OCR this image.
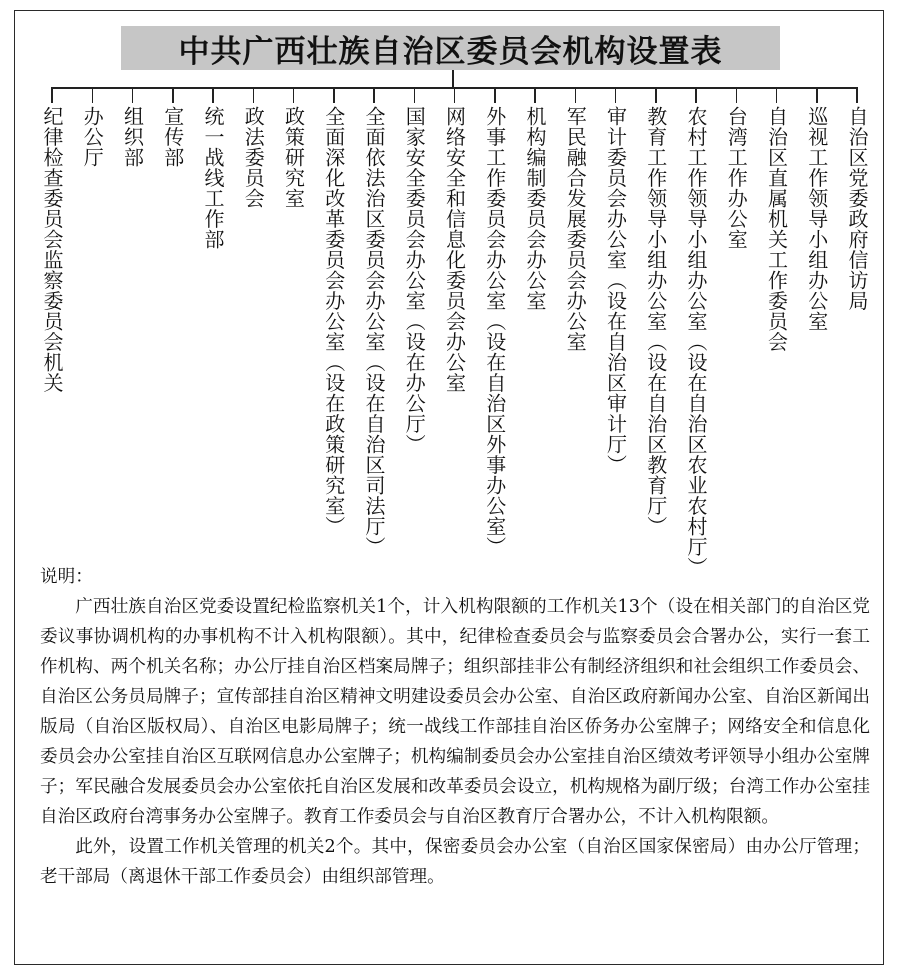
中共广西壮族自治区委员会机构设置表
纪律检查委员会监察委员会机关 办公厅 组织部 宣传部 统一战线工作部 政法委员会 政策研究室 全面深化改革委员会办公室（设在政策研究室） 全面依法治区委员会办公室（设在自治区司法厅） 国家安全委员会办公室（设在办公厅） 网络安全和信息化委员会办公室 外事工作委员会办公室（设在自治区外事办公室） 机构编制委员会办公室 军民融合发展委员会办公室 审计委员会办公室（设在自治区审计厅） 教育工作领导小组办公室（设在自治区教育厅） 农村工作领导小组办公室（设在自治区农业农村厅） 台湾工作办公室 自治区直属机关工作委员会 巡视工作领导小组办公室 自治区党委政府信访局
说明：

广西壮族自治区党委设置纪检监察机关1个，计入机构限额的工作机关13个（设在相关部门的自治区党委议事协调机构的办事机构不计入机构限额）。其中，纪律检查委员会与监察委员会合署办公，实行一套工作机构、两个机关名称；办公厅挂自治区档案局牌子；组织部挂非公有制经济组织和社会组织工作委员会、自治区公务员局牌子；宣传部挂自治区精神文明建设委员会办公室、自治区政府新闻办公室、自治区新闻出版局（自治区版权局）、自治区电影局牌子；统一战线工作部挂自治区侨务办公室牌子；网络安全和信息化委员会办公室挂自治区互联网信息办公室牌子；机构编制委员会办公室挂自治区绩效考评领导小组办公室牌子；军民融合发展委员会办公室依托自治区发展和改革委员会设立，机构规格为副厅级；台湾工作办公室挂自治区政府台湾事务办公室牌子。教育工作委员会与自治区教育厅合署办公，不计入机构限额。

此外，设置工作机关管理的机关2个。其中，保密委员会办公室（自治区国家保密局）由办公厅管理；老干部局（离退休干部工作委员会）由组织部管理。
